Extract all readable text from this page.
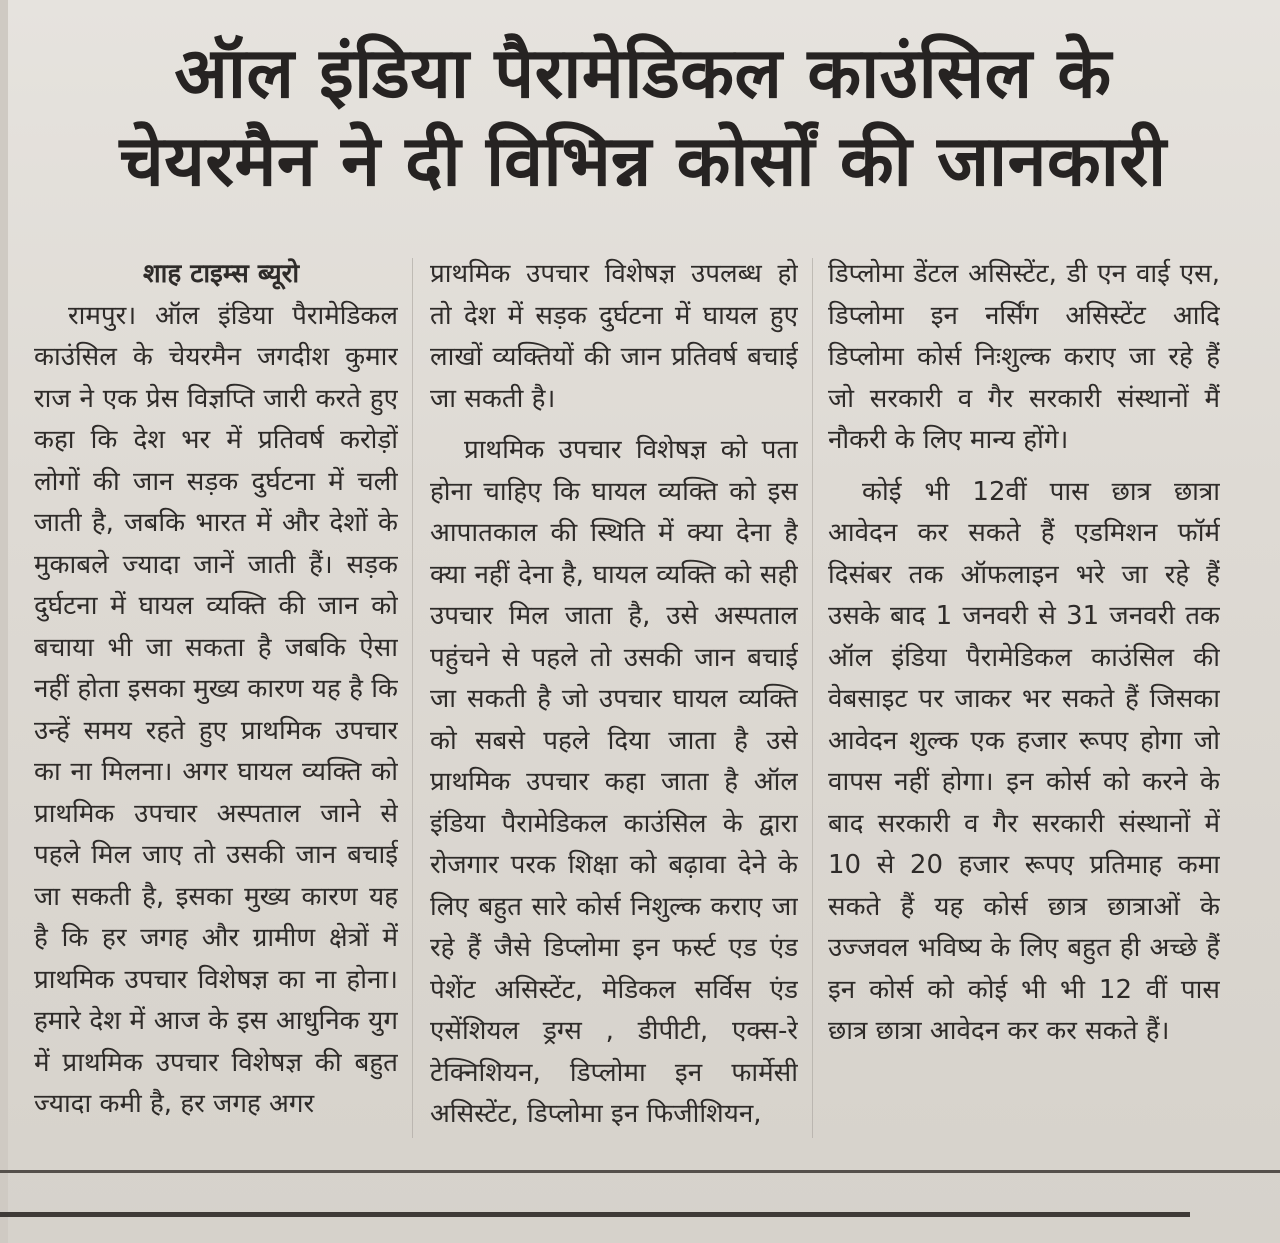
ऑल इंडिया पैरामेडिकल काउंसिल के
चेयरमैन ने दी विभिन्न कोर्सों की जानकारी
शाह टाइम्स ब्यूरो

रामपुर। ऑल इंडिया पैरामेडिकल काउंसिल के चेयरमैन जगदीश कुमार राज ने एक प्रेस विज्ञप्ति जारी करते हुए कहा कि देश भर में प्रतिवर्ष करोड़ों लोगों की जान सड़क दुर्घटना में चली जाती है, जबकि भारत में और देशों के मुकाबले ज्यादा जानें जाती हैं। सड़क दुर्घटना में घायल व्यक्ति की जान को बचाया भी जा सकता है जबकि ऐसा नहीं होता इसका मुख्य कारण यह है कि उन्हें समय रहते हुए प्राथमिक उपचार का ना मिलना। अगर घायल व्यक्ति को प्राथमिक उपचार अस्पताल जाने से पहले मिल जाए तो उसकी जान बचाई जा सकती है, इसका मुख्य कारण यह है कि हर जगह और ग्रामीण क्षेत्रों में प्राथमिक उपचार विशेषज्ञ का ना होना। हमारे देश में आज के इस आधुनिक युग में प्राथमिक उपचार विशेषज्ञ की बहुत ज्यादा कमी है, हर जगह अगर

प्राथमिक उपचार विशेषज्ञ उपलब्ध हो तो देश में सड़क दुर्घटना में घायल हुए लाखों व्यक्तियों की जान प्रतिवर्ष बचाई जा सकती है।

प्राथमिक उपचार विशेषज्ञ को पता होना चाहिए कि घायल व्यक्ति को इस आपातकाल की स्थिति में क्या देना है क्या नहीं देना है, घायल व्यक्ति को सही उपचार मिल जाता है, उसे अस्पताल पहुंचने से पहले तो उसकी जान बचाई जा सकती है जो उपचार घायल व्यक्ति को सबसे पहले दिया जाता है उसे प्राथमिक उपचार कहा जाता है ऑल इंडिया पैरामेडिकल काउंसिल के द्वारा रोजगार परक शिक्षा को बढ़ावा देने के लिए बहुत सारे कोर्स निशुल्क कराए जा रहे हैं जैसे डिप्लोमा इन फर्स्ट एड एंड पेशेंट असिस्टेंट, मेडिकल सर्विस एंड एसेंशियल ड्रग्स , डीपीटी, एक्स-रे टेक्निशियन, डिप्लोमा इन फार्मेसी असिस्टेंट, डिप्लोमा इन फिजीशियन,

डिप्लोमा डेंटल असिस्टेंट, डी एन वाई एस, डिप्लोमा इन नर्सिंग असिस्टेंट आदि डिप्लोमा कोर्स निःशुल्क कराए जा रहे हैं जो सरकारी व गैर सरकारी संस्थानों मैं नौकरी के लिए मान्य होंगे।

कोई भी 12वीं पास छात्र छात्रा आवेदन कर सकते हैं एडमिशन फॉर्म दिसंबर तक ऑफलाइन भरे जा रहे हैं उसके बाद 1 जनवरी से 31 जनवरी तक ऑल इंडिया पैरामेडिकल काउंसिल की वेबसाइट पर जाकर भर सकते हैं जिसका आवेदन शुल्क एक हजार रूपए होगा जो वापस नहीं होगा। इन कोर्स को करने के बाद सरकारी व गैर सरकारी संस्थानों में 10 से 20 हजार रूपए प्रतिमाह कमा सकते हैं यह कोर्स छात्र छात्राओं के उज्जवल भविष्य के लिए बहुत ही अच्छे हैं इन कोर्स को कोई भी भी 12 वीं पास छात्र छात्रा आवेदन कर कर सकते हैं।
